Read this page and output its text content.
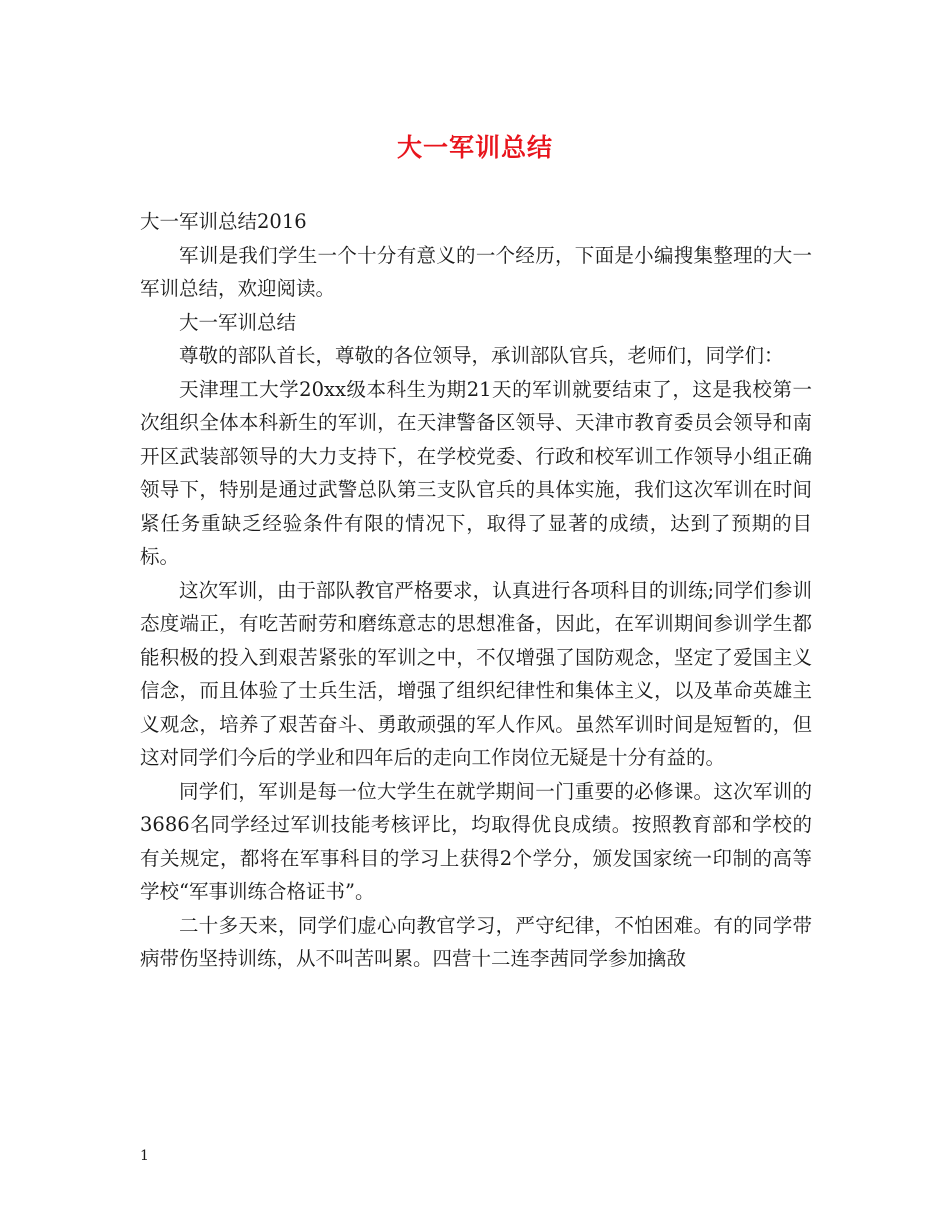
大一军训总结

大一军训总结2016

军训是我们学生一个十分有意义的一个经历，下面是小编搜集整理的大一军训总结，欢迎阅读。

大一军训总结

尊敬的部队首长，尊敬的各位领导，承训部队官兵，老师们，同学们：

天津理工大学20xx级本科生为期21天的军训就要结束了，这是我校第一次组织全体本科新生的军训，在天津警备区领导、天津市教育委员会领导和南开区武装部领导的大力支持下，在学校党委、行政和校军训工作领导小组正确领导下，特别是通过武警总队第三支队官兵的具体实施，我们这次军训在时间紧任务重缺乏经验条件有限的情况下，取得了显著的成绩，达到了预期的目标。

这次军训，由于部队教官严格要求，认真进行各项科目的训练;同学们参训态度端正，有吃苦耐劳和磨练意志的思想准备，因此，在军训期间参训学生都能积极的投入到艰苦紧张的军训之中，不仅增强了国防观念，坚定了爱国主义信念，而且体验了士兵生活，增强了组织纪律性和集体主义，以及革命英雄主义观念，培养了艰苦奋斗、勇敢顽强的军人作风。虽然军训时间是短暂的，但这对同学们今后的学业和四年后的走向工作岗位无疑是十分有益的。

同学们，军训是每一位大学生在就学期间一门重要的必修课。这次军训的3686名同学经过军训技能考核评比，均取得优良成绩。按照教育部和学校的有关规定，都将在军事科目的学习上获得2个学分，颁发国家统一印制的高等学校“军事训练合格证书”。

二十多天来，同学们虚心向教官学习，严守纪律，不怕困难。有的同学带病带伤坚持训练，从不叫苦叫累。四营十二连李茜同学参加擒敌

1
